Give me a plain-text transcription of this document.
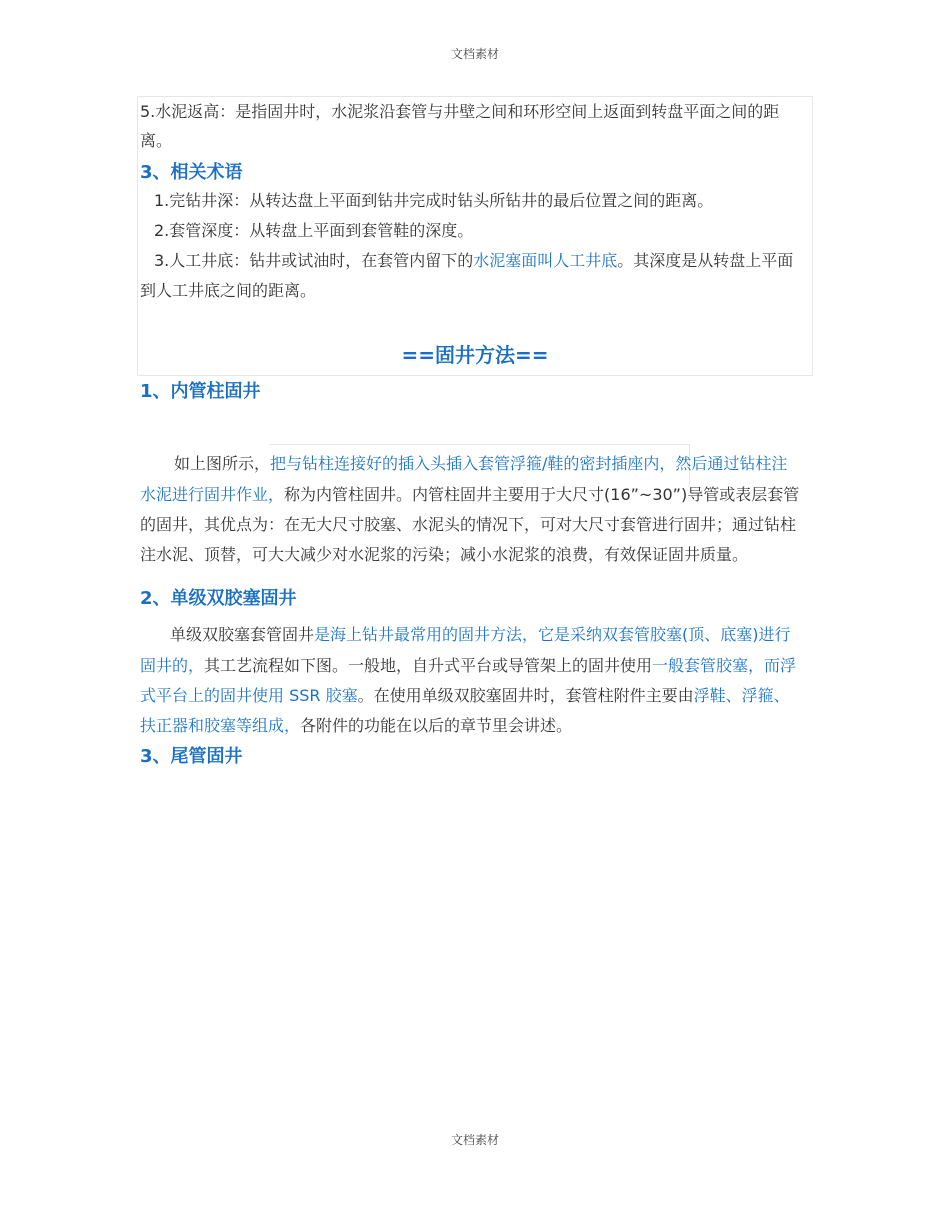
文档素材
5.水泥返高：是指固井时，水泥浆沿套管与井壁之间和环形空间上返面到转盘平面之间的距
离。
3、相关术语
1.完钻井深：从转达盘上平面到钻井完成时钻头所钻井的最后位置之间的距离。
2.套管深度：从转盘上平面到套管鞋的深度。
3.人工井底：钻井或试油时，在套管内留下的水泥塞面叫人工井底。其深度是从转盘上平面
到人工井底之间的距离。
==固井方法==
1、内管柱固井
如上图所示，把与钻柱连接好的插入头插入套管浮箍/鞋的密封插座内，然后通过钻柱注
水泥进行固井作业，称为内管柱固井。内管柱固井主要用于大尺寸(16”~30”)导管或表层套管
的固井，其优点为：在无大尺寸胶塞、水泥头的情况下，可对大尺寸套管进行固井；通过钻柱
注水泥、顶替，可大大减少对水泥浆的污染；减小水泥浆的浪费，有效保证固井质量。
2、单级双胶塞固井
单级双胶塞套管固井是海上钻井最常用的固井方法，它是采纳双套管胶塞(顶、底塞)进行
固井的，其工艺流程如下图。一般地，自升式平台或导管架上的固井使用一般套管胶塞，而浮
式平台上的固井使用 SSR 胶塞。在使用单级双胶塞固井时，套管柱附件主要由浮鞋、浮箍、
扶正器和胶塞等组成，各附件的功能在以后的章节里会讲述。
3、尾管固井
文档素材
